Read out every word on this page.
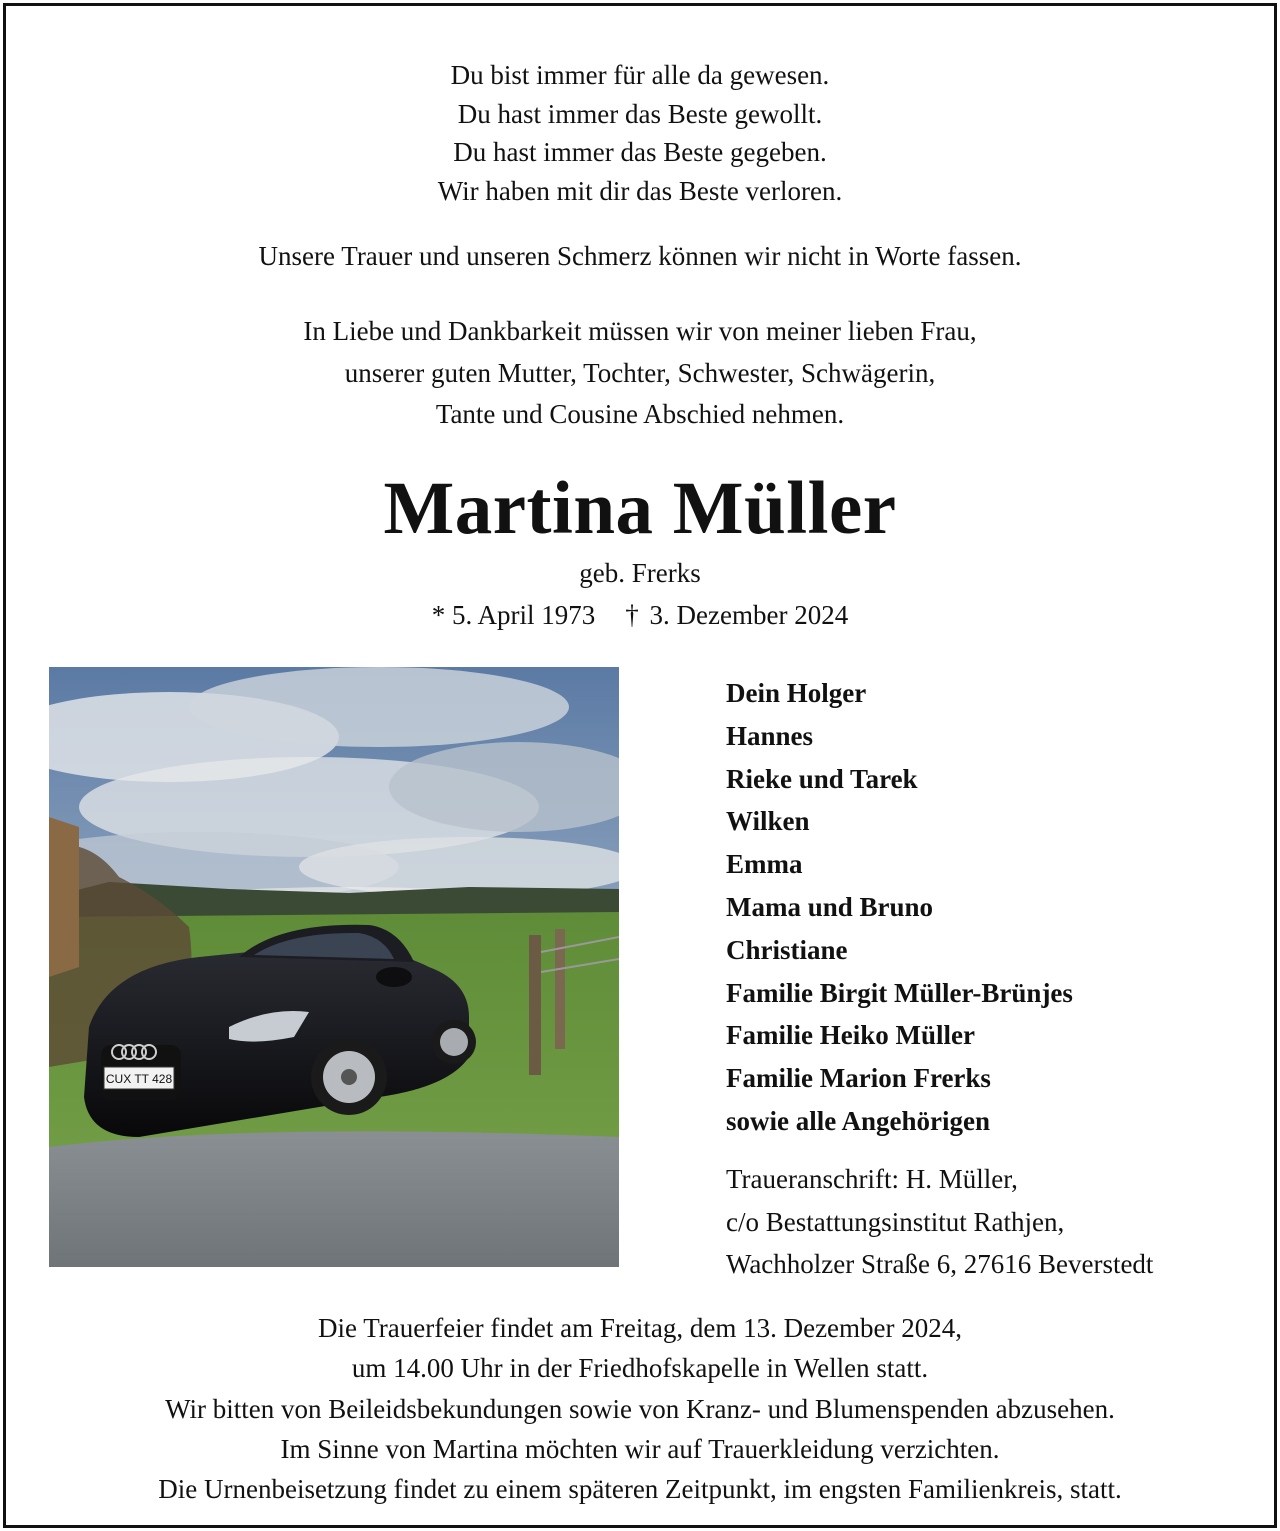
Du bist immer für alle da gewesen.
Du hast immer das Beste gewollt.
Du hast immer das Beste gegeben.
Wir haben mit dir das Beste verloren.
Unsere Trauer und unseren Schmerz können wir nicht in Worte fassen.
In Liebe und Dankbarkeit müssen wir von meiner lieben Frau,
unserer guten Mutter, Tochter, Schwester, Schwägerin,
Tante und Cousine Abschied nehmen.
Martina Müller
geb. Frerks
* 5. April 1973 † 3. Dezember 2024
CUX TT 428
Dein Holger
Hannes
Rieke und Tarek
Wilken
Emma
Mama und Bruno
Christiane
Familie Birgit Müller-Brünjes
Familie Heiko Müller
Familie Marion Frerks
sowie alle Angehörigen
Traueranschrift: H. Müller,
c/o Bestattungsinstitut Rathjen,
Wachholzer Straße 6, 27616 Beverstedt
Die Trauerfeier findet am Freitag, dem 13. Dezember 2024,
um 14.00 Uhr in der Friedhofskapelle in Wellen statt.
Wir bitten von Beileidsbekundungen sowie von Kranz- und Blumenspenden abzusehen.
Im Sinne von Martina möchten wir auf Trauerkleidung verzichten.
Die Urnenbeisetzung findet zu einem späteren Zeitpunkt, im engsten Familienkreis, statt.
